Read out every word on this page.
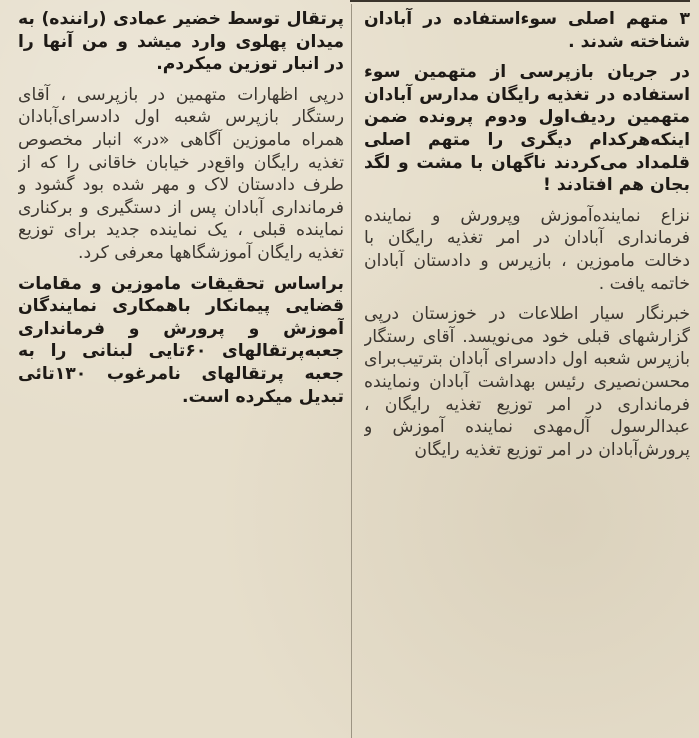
۳ متهم اصلی سوءاستفاده در آبادان شناخته شدند .

در جریان بازپرسی از متهمین سوء استفاده در تغذیه رایگان مدارس آبادان متهمین ردیف‌اول ودوم پرونده ضمن اینکه‌هرکدام دیگری را متهم اصلی قلمداد می‌کردند ناگهان با مشت و لگد بجان هم افتادند !

نزاع نماینده‌آموزش وپرورش و نماینده فرمانداری آبادان در امر تغذیه رایگان با دخالت ماموزین ، بازپرس و دادستان آبادان خاتمه یافت .

خبرنگار سیار اطلاعات در خوزستان درپی گزارشهای قبلی خود می‌نویسد. آقای رستگار بازپرس شعبه اول دادسرای آبادان بترتیب‌برای محسن‌نصیری رئیس بهداشت آبادان ونماینده فرمانداری در امر توزیع تغذیه رایگان ، عبدالرسول آل‌مهدی نماینده آموزش و پرورش‌آبادان در امر توزیع تغذیه رایگان

پرتقال توسط خضیر عمادی (راننده) به میدان پهلوی وارد میشد و من آنها را در انبار توزین میکردم.

درپی اظهارات متهمین در بازپرسی ، آقای رستگار بازپرس شعبه اول دادسرای‌آبادان همراه ماموزین آگاهی «در» انبار مخصوص تغذیه رایگان واقع‌در خیابان خاقانی را که از طرف دادستان لاک و مهر شده بود گشود و فرمانداری آبادان پس از دستگیری و برکناری نماینده قبلی ، یک نماینده جدید برای توزیع تغذیه رایگان آموزشگاهها معرفی کرد.

براساس تحقیقات ماموزین و مقامات قضایی پیمانکار باهمکاری نمایندگان آموزش و پرورش و فرمانداری جعبه‌پرتقالهای ۶۰تایی لبنانی را به جعبه پرتقالهای نامرغوب ۱۳۰تائی تبدیل میکرده است.
